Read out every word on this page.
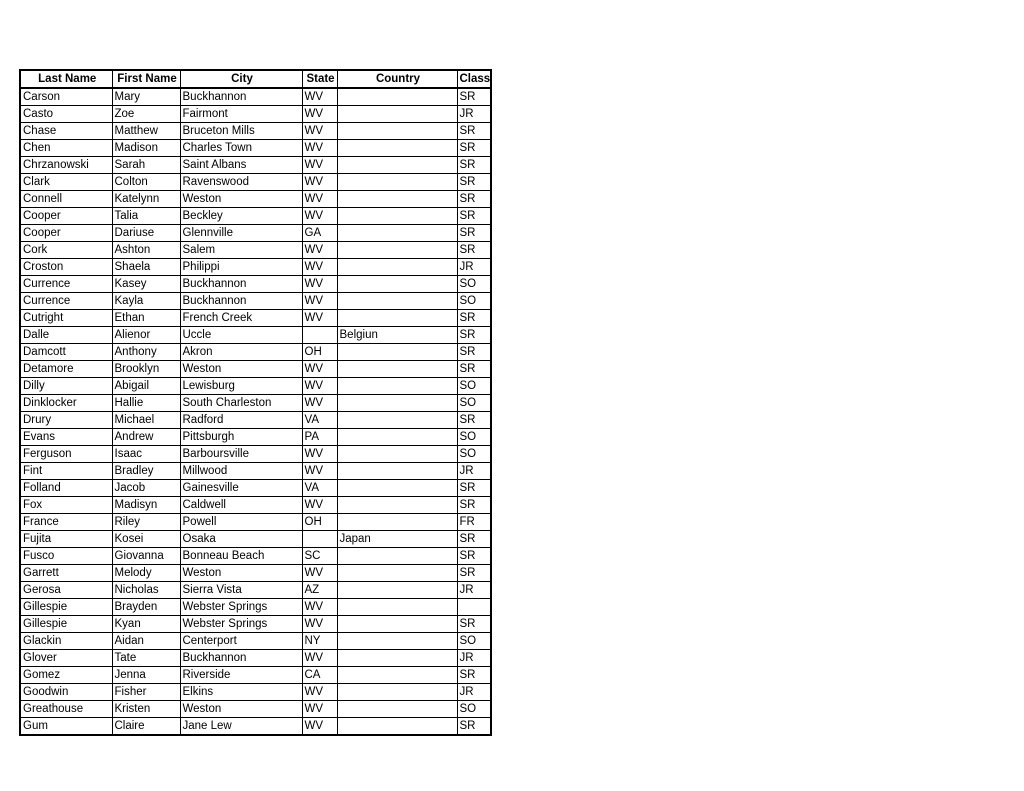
Last Name	First Name	City	State	Country	Class
Carson	Mary	Buckhannon	WV		SR
Casto	Zoe	Fairmont	WV		JR
Chase	Matthew	Bruceton Mills	WV		SR
Chen	Madison	Charles Town	WV		SR
Chrzanowski	Sarah	Saint Albans	WV		SR
Clark	Colton	Ravenswood	WV		SR
Connell	Katelynn	Weston	WV		SR
Cooper	Talia	Beckley	WV		SR
Cooper	Dariuse	Glennville	GA		SR
Cork	Ashton	Salem	WV		SR
Croston	Shaela	Philippi	WV		JR
Currence	Kasey	Buckhannon	WV		SO
Currence	Kayla	Buckhannon	WV		SO
Cutright	Ethan	French Creek	WV		SR
Dalle	Alienor	Uccle		Belgiun	SR
Damcott	Anthony	Akron	OH		SR
Detamore	Brooklyn	Weston	WV		SR
Dilly	Abigail	Lewisburg	WV		SO
Dinklocker	Hallie	South Charleston	WV		SO
Drury	Michael	Radford	VA		SR
Evans	Andrew	Pittsburgh	PA		SO
Ferguson	Isaac	Barboursville	WV		SO
Fint	Bradley	Millwood	WV		JR
Folland	Jacob	Gainesville	VA		SR
Fox	Madisyn	Caldwell	WV		SR
France	Riley	Powell	OH		FR
Fujita	Kosei	Osaka		Japan	SR
Fusco	Giovanna	Bonneau Beach	SC		SR
Garrett	Melody	Weston	WV		SR
Gerosa	Nicholas	Sierra Vista	AZ		JR
Gillespie	Brayden	Webster Springs	WV		
Gillespie	Kyan	Webster Springs	WV		SR
Glackin	Aidan	Centerport	NY		SO
Glover	Tate	Buckhannon	WV		JR
Gomez	Jenna	Riverside	CA		SR
Goodwin	Fisher	Elkins	WV		JR
Greathouse	Kristen	Weston	WV		SO
Gum	Claire	Jane Lew	WV		SR
